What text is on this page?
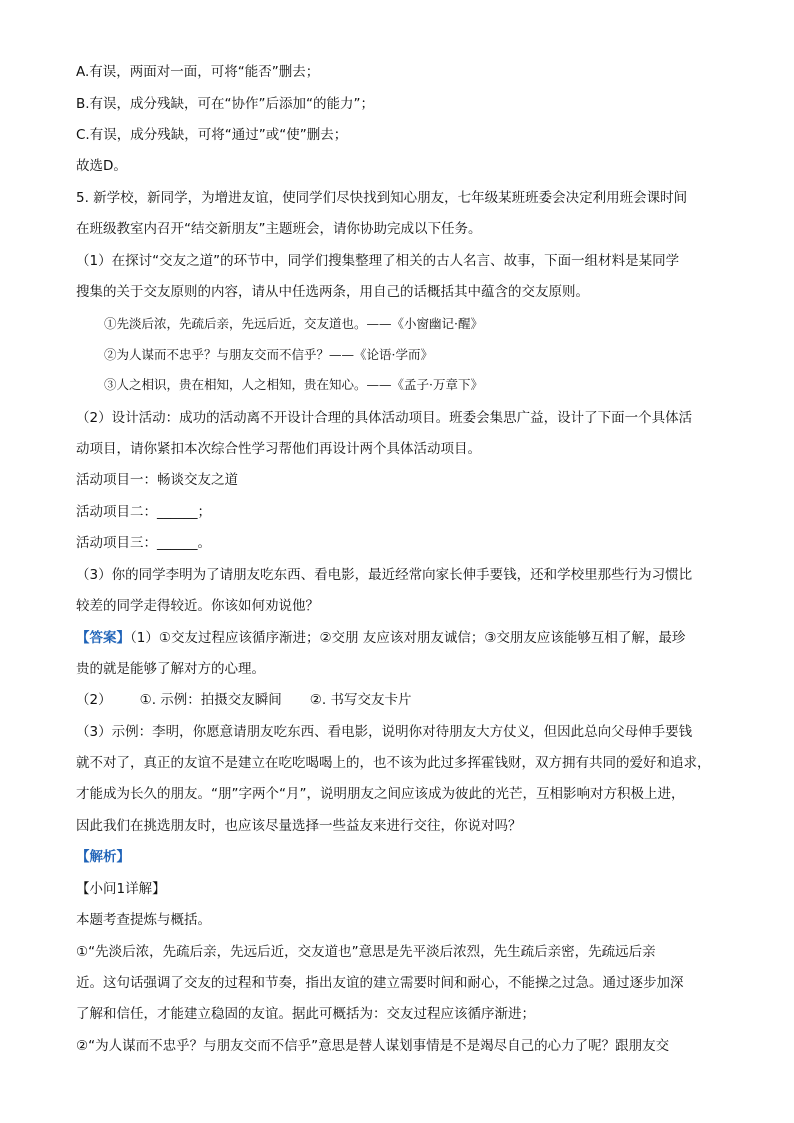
A.有误，两面对一面，可将“能否”删去；
B.有误，成分残缺，可在“协作”后添加“的能力”；
C.有误，成分残缺，可将“通过”或“使”删去；
故选D。
5. 新学校，新同学，为增进友谊，使同学们尽快找到知心朋友，七年级某班班委会决定利用班会课时间
在班级教室内召开“结交新朋友”主题班会，请你协助完成以下任务。
（1）在探讨“交友之道”的环节中，同学们搜集整理了相关的古人名言、故事，下面一组材料是某同学
搜集的关于交友原则的内容，请从中任选两条，用自己的话概括其中蕴含的交友原则。
①先淡后浓，先疏后亲，先远后近，交友道也。——《小窗幽记·醒》
②为人谋而不忠乎？与朋友交而不信乎？——《论语·学而》
③人之相识，贵在相知，人之相知，贵在知心。——《孟子·万章下》
（2）设计活动：成功的活动离不开设计合理的具体活动项目。班委会集思广益，设计了下面一个具体活
动项目，请你紧扣本次综合性学习帮他们再设计两个具体活动项目。
活动项目一：畅谈交友之道
活动项目二：______；
活动项目三：______。
（3）你的同学李明为了请朋友吃东西、看电影，最近经常向家长伸手要钱，还和学校里那些行为习惯比
较差的同学走得较近。你该如何劝说他？
【答案】（1）①交友过程应该循序渐进；②交朋 友应该对朋友诚信；③交朋友应该能够互相了解，最珍
贵的就是能够了解对方的心理。
（2） ①. 示例：拍摄交友瞬间 ②. 书写交友卡片
（3）示例：李明，你愿意请朋友吃东西、看电影，说明你对待朋友大方仗义，但因此总向父母伸手要钱
就不对了，真正的友谊不是建立在吃吃喝喝上的，也不该为此过多挥霍钱财，双方拥有共同的爱好和追求，
才能成为长久的朋友。“朋”字两个“月”，说明朋友之间应该成为彼此的光芒，互相影响对方积极上进，
因此我们在挑选朋友时，也应该尽量选择一些益友来进行交往，你说对吗？
【解析】
【小问1详解】
本题考查提炼与概括。
①“先淡后浓，先疏后亲，先远后近，交友道也”意思是先平淡后浓烈，先生疏后亲密，先疏远后亲
近。这句话强调了交友的过程和节奏，指出友谊的建立需要时间和耐心，不能操之过急。通过逐步加深
了解和信任，才能建立稳固的友谊。据此可概括为：交友过程应该循序渐进；
②“为人谋而不忠乎？与朋友交而不信乎”意思是替人谋划事情是不是竭尽自己的心力了呢？跟朋友交
